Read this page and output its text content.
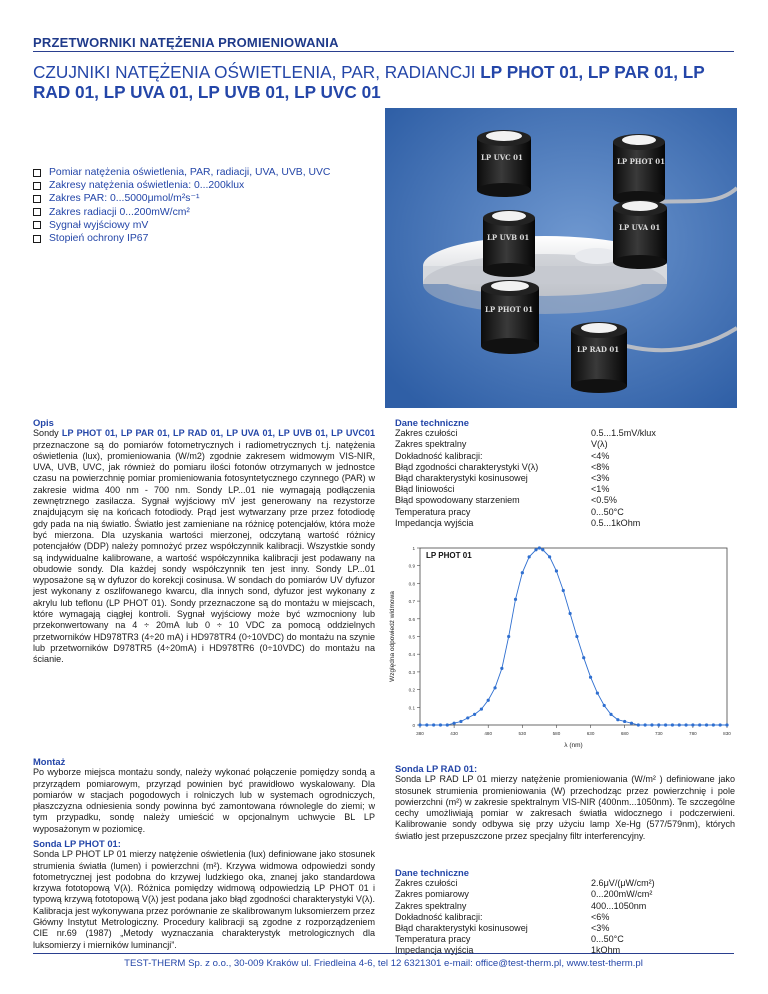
PRZETWORNIKI NATĘŻENIA PROMIENIOWANIA
CZUJNIKI NATĘŻENIA OŚWIETLENIA, PAR, RADIANCJI LP PHOT 01, LP PAR 01, LP RAD 01, LP UVA 01, LP UVB 01, LP UVC 01
Pomiar natężenia oświetlenia, PAR, radiacji, UVA, UVB, UVC
Zakresy natężenia oświetlenia: 0...200klux
Zakres PAR: 0...5000μmol/m²s⁻¹
Zakres radiacji 0...200mW/cm²
Sygnał wyjściowy mV
Stopień ochrony IP67
LP UVC 01	LP PHOT 01
LP UVB 01
LP UVA 01
LP PHOT 01
LP RAD 01

Opis

Sondy LP PHOT 01, LP PAR 01, LP RAD 01, LP UVA 01, LP UVB 01, LP UVC01 przeznaczone są do pomiarów fotometrycznych i radiometrycznych t.j. natężenia oświetlenia (lux), promieniowania (W/m2) zgodnie zakresem widmowym VIS-NIR, UVA, UVB, UVC, jak również do pomiaru ilości fotonów otrzymanych w jednostce czasu na powierzchnię pomiar promieniowania fotosyntetycznego czynnego (PAR) w zakresie widma 400 nm - 700 nm. Sondy LP...01 nie wymagają podłączenia zewnętrznego zasilacza. Sygnał wyjściowy mV jest generowany na rezystorze znajdującym się na końcach fotodiody. Prąd jest wytwarzany prze przez fotodiodę gdy pada na nią światło. Światło jest zamieniane na różnicę potencjałów, która może być mierzona. Dla uzyskania wartości mierzonej, odczytaną wartość różnicy potencjałów (DDP) należy pomnożyć przez współczynnik kalibracji. Wszystkie sondy są indywidualne kalibrowane, a wartość współczynnika kalibracji jest podawany na obudowie sondy. Dla każdej sondy współczynnik ten jest inny. Sondy LP...01 wyposażone są w dyfuzor do korekcji cosinusa. W sondach do pomiarów UV dyfuzor jest wykonany z oszlifowanego kwarcu, dla innych sond, dyfuzor jest wykonany z akrylu lub teflonu (LP PHOT 01). Sondy przeznaczone są do montażu w miejscach, które wymagają ciągłej kontroli. Sygnał wyjściowy może być wzmocniony lub przekonwertowany na 4 ÷ 20mA lub 0 ÷ 10 VDC za pomocą oddzielnych przetworników HD978TR3 (4÷20 mA) i HD978TR4 (0÷10VDC) do montażu na szynie lub przetworników D978TR5 (4÷20mA) i HD978TR6 (0÷10VDC) do montażu na ścianie.

Montaż

Po wyborze miejsca montażu sondy, należy wykonać połączenie pomiędzy sondą a przyrządem pomiarowym, przyrząd powinien być prawidłowo wyskalowany. Dla pomiarów w stacjach pogodowych i rolniczych lub w systemach ogrodniczych, płaszczyzna odniesienia sondy powinna być zamontowana równolegle do ziemi; w tym przypadku, sondę należy umieścić w opcjonalnym uchwycie BL LP wyposażonym w poziomicę.

Sonda LP PHOT 01:

Sonda LP PHOT LP 01 mierzy natężenie oświetlenia (lux) definiowane jako stosunek strumienia światła (lumen) i powierzchni (m²). Krzywa widmowa odpowiedzi sondy fotometrycznej jest podobna do krzywej ludzkiego oka, znanej jako standardowa krzywa fototopową V(λ). Różnica pomiędzy widmową odpowiedzią LP PHOT 01 i typową krzywą fototopową V(λ) jest podana jako błąd zgodności charakterystyki V(λ). Kalibracja jest wykonywana przez porównanie ze skalibrowanym luksomierzem przez Główny Instytut Metrologiczny. Procedury kalibracji są zgodne z rozporządzeniem CIE nr.69 (1987) „Metody wyznaczania charakterystyk metrologicznych dla luksomierzy i mierników luminancji”.

Dane techniczne

Zakres czułości	0.5...1.5mV/klux
Zakres spektralny	V(λ)
Dokładność kalibracji:	<4%
Błąd zgodności charakterystyki V(λ)	<8%
Błąd charakterystyki kosinusowej	<3%
Błąd liniowości	<1%
Błąd spowodowany starzeniem	<0.5%
Temperatura pracy	0...50°C
Impedancja wyjścia	0.5...1kOhm
0
0.1
0.2
0.3
0.4
0.5
0.6
0.7
0.8
0.9
1
380	430	480	530	580	630	680	730	780	830
λ (nm)
Względna odpowiedź widmowa
LP PHOT 01

Sonda LP RAD 01:

Sonda LP RAD LP 01 mierzy natężenie promieniowania (W/m² ) definiowane jako stosunek strumienia promieniowania (W) przechodząc przez powierzchnię i pole powierzchni (m²) w zakresie spektralnym VIS-NIR (400nm...1050nm). Te szczególne cechy umożliwiają pomiar w zakresach światła widocznego i podczerwieni. Kalibrowanie sondy odbywa się przy użyciu lamp Xe-Hg (577/579nm), których światło jest przepuszczone przez specjalny filtr interferencyjny.

Dane techniczne

Zakres czułości	2.6μV/(μW/cm²)
Zakres pomiarowy	0...200mW/cm²
Zakres spektralny	400...1050nm
Dokładność kalibracji:	<6%
Błąd charakterystyki kosinusowej	<3%
Temperatura pracy	0...50°C
Impedancja wyjścia	1kOhm
TEST-THERM Sp. z o.o., 30-009 Kraków ul. Friedleina 4-6, tel 12 6321301 e-mail: office@test-therm.pl, www.test-therm.pl
